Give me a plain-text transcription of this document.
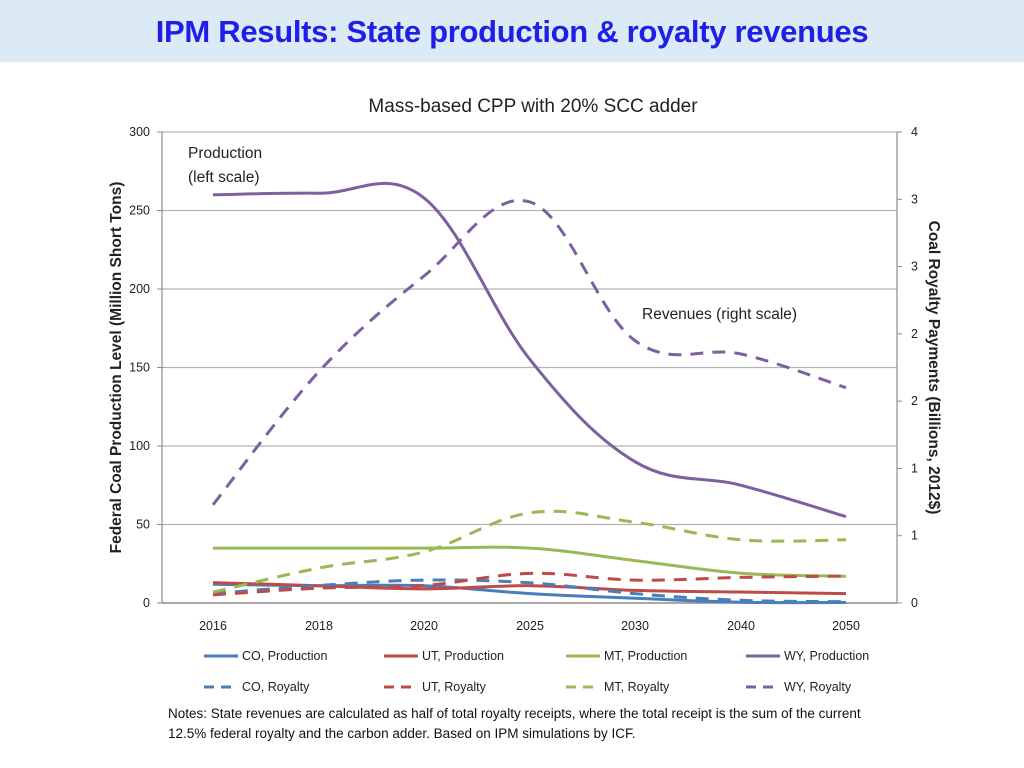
IPM Results: State production & royalty revenues
Mass-based CPP with 20% SCC adder
0
50
100
150
200
250
300
0
1
1
2
2
3
3
4
2016	2018	2020	2025	2030	2040	2050
Federal Coal Production Level (Million Short Tons)	Coal Royalty Payments (Billions, 2012$)
Production
(left scale)
Revenues (right scale)
CO, Production	UT, Production	MT, Production	WY, Production
CO, Royalty	UT, Royalty	MT, Royalty	WY, Royalty
Notes: State revenues are calculated as half of total royalty receipts, where the total receipt is the sum of the current 12.5% federal royalty and the carbon adder. Based on IPM simulations by ICF.
